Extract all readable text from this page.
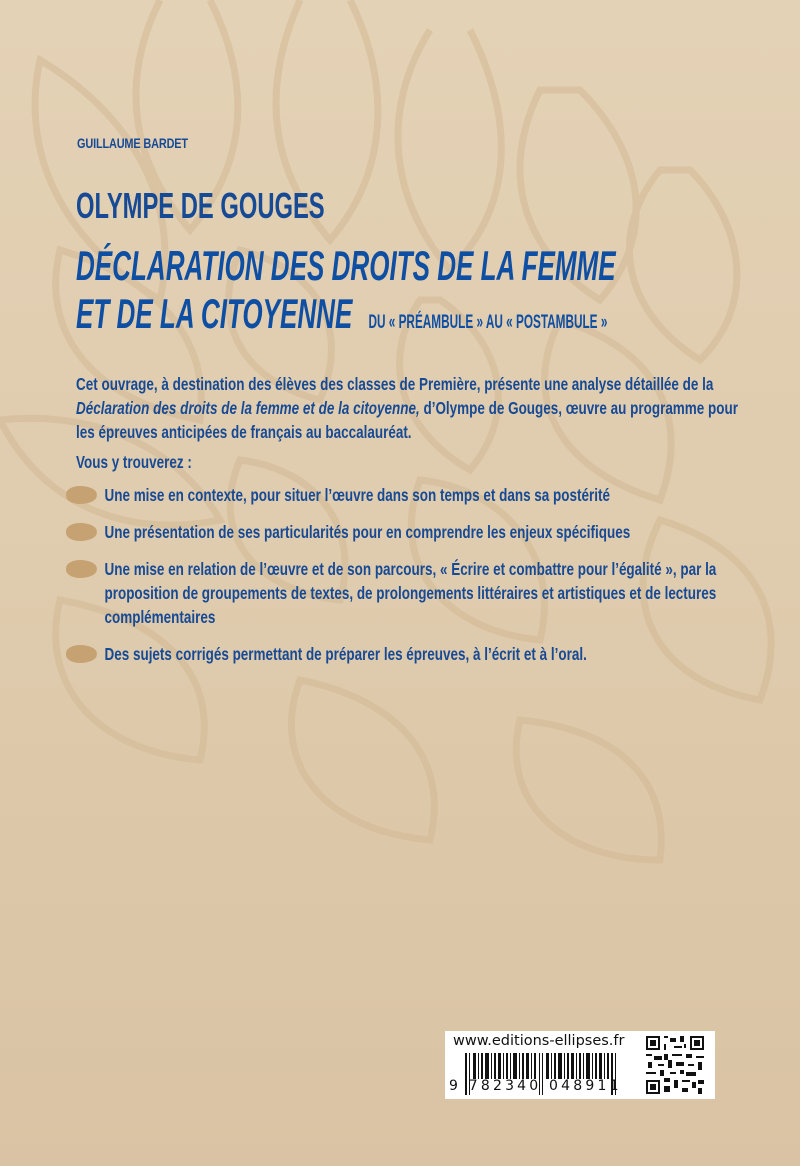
GUILLAUME BARDET
OLYMPE DE GOUGES
DÉCLARATION DES DROITS DE LA FEMME
ET DE LA CITOYENNE DU « PRÉAMBULE » AU « POSTAMBULE »

Cet ouvrage, à destination des élèves des classes de Première, présente une analyse détaillée de la Déclaration des droits de la femme et de la citoyenne, d’Olympe de Gouges, œuvre au programme pour les épreuves anticipées de français au baccalauréat.

Vous y trouverez :

Une mise en contexte, pour situer l’œuvre dans son temps et dans sa postérité
Une présentation de ses particularités pour en comprendre les enjeux spécifiques
Une mise en relation de l’œuvre et de son parcours, « Écrire et combattre pour l’égalité », par la proposition de groupements de textes, de prolongements littéraires et artistiques et de lectures complémentaires
Des sujets corrigés permettant de préparer les épreuves, à l’écrit et à l’oral.
www.editions-ellipses.fr
9 782340 048911
